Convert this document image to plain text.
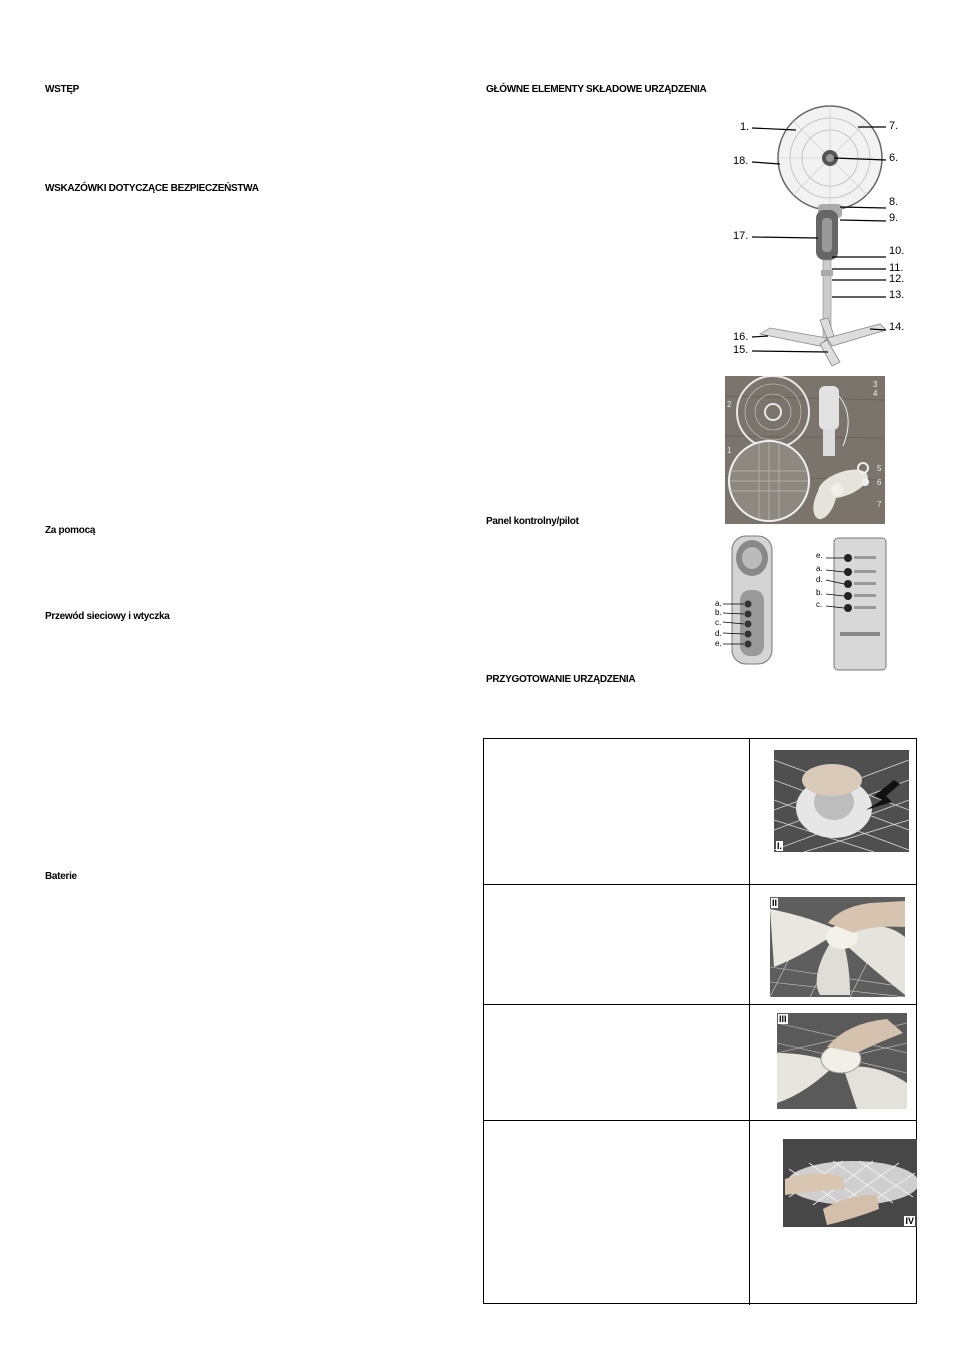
WSTĘP
WSKAZÓWKI DOTYCZĄCE BEZPIECZEŃSTWA
Za pomocą
Przewód sieciowy i wtyczka
Baterie
GŁÓWNE ELEMENTY SKŁADOWE URZĄDZENIA
Panel kontrolny/pilot
PRZYGOTOWANIE URZĄDZENIA
1.
18.
17.
16.
15.
7.
6.
8.
9.
10.
11.
12.
13.
14.
2
1
3
4
5
6
7
a.
b.
c.
d.
e.
e.
a.
d.
b.
c.
I.
II
III
IV
